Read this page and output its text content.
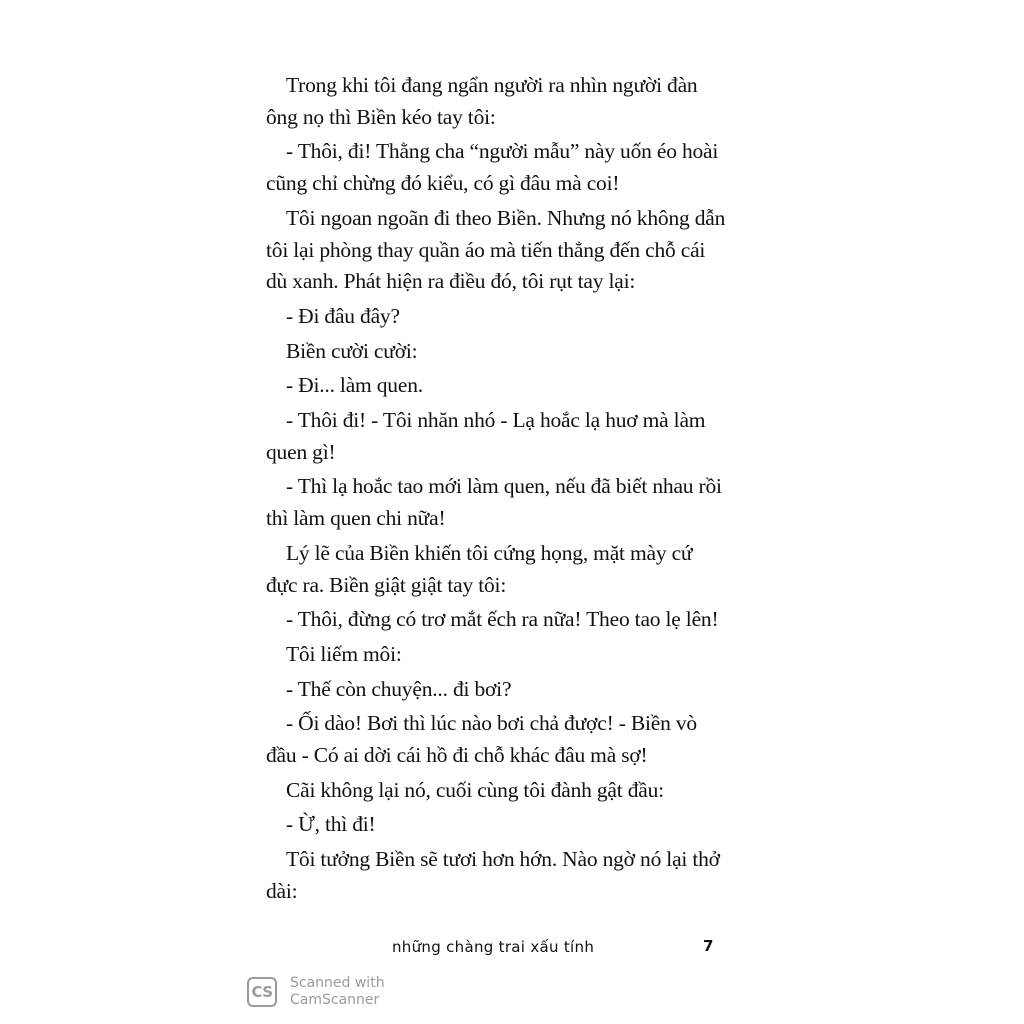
Trong khi tôi đang ngẩn người ra nhìn người đàn ông nọ thì Biền kéo tay tôi:

- Thôi, đi! Thằng cha “người mẫu” này uốn éo hoài cũng chỉ chừng đó kiểu, có gì đâu mà coi!

Tôi ngoan ngoãn đi theo Biền. Nhưng nó không dẫn tôi lại phòng thay quần áo mà tiến thẳng đến chỗ cái dù xanh. Phát hiện ra điều đó, tôi rụt tay lại:

- Đi đâu đây?

Biền cười cười:

- Đi... làm quen.

- Thôi đi! - Tôi nhăn nhó - Lạ hoắc lạ huơ mà làm quen gì!

- Thì lạ hoắc tao mới làm quen, nếu đã biết nhau rồi thì làm quen chi nữa!

Lý lẽ của Biền khiến tôi cứng họng, mặt mày cứ đực ra. Biền giật giật tay tôi:

- Thôi, đừng có trơ mắt ếch ra nữa! Theo tao lẹ lên!

Tôi liếm môi:

- Thế còn chuyện... đi bơi?

- Ối dào! Bơi thì lúc nào bơi chả được! - Biền vò đầu - Có ai dời cái hồ đi chỗ khác đâu mà sợ!

Cãi không lại nó, cuối cùng tôi đành gật đầu:

- Ừ, thì đi!

Tôi tưởng Biền sẽ tươi hơn hớn. Nào ngờ nó lại thở dài:

những chàng trai xấu tính	7
CS	Scanned with
CamScanner
